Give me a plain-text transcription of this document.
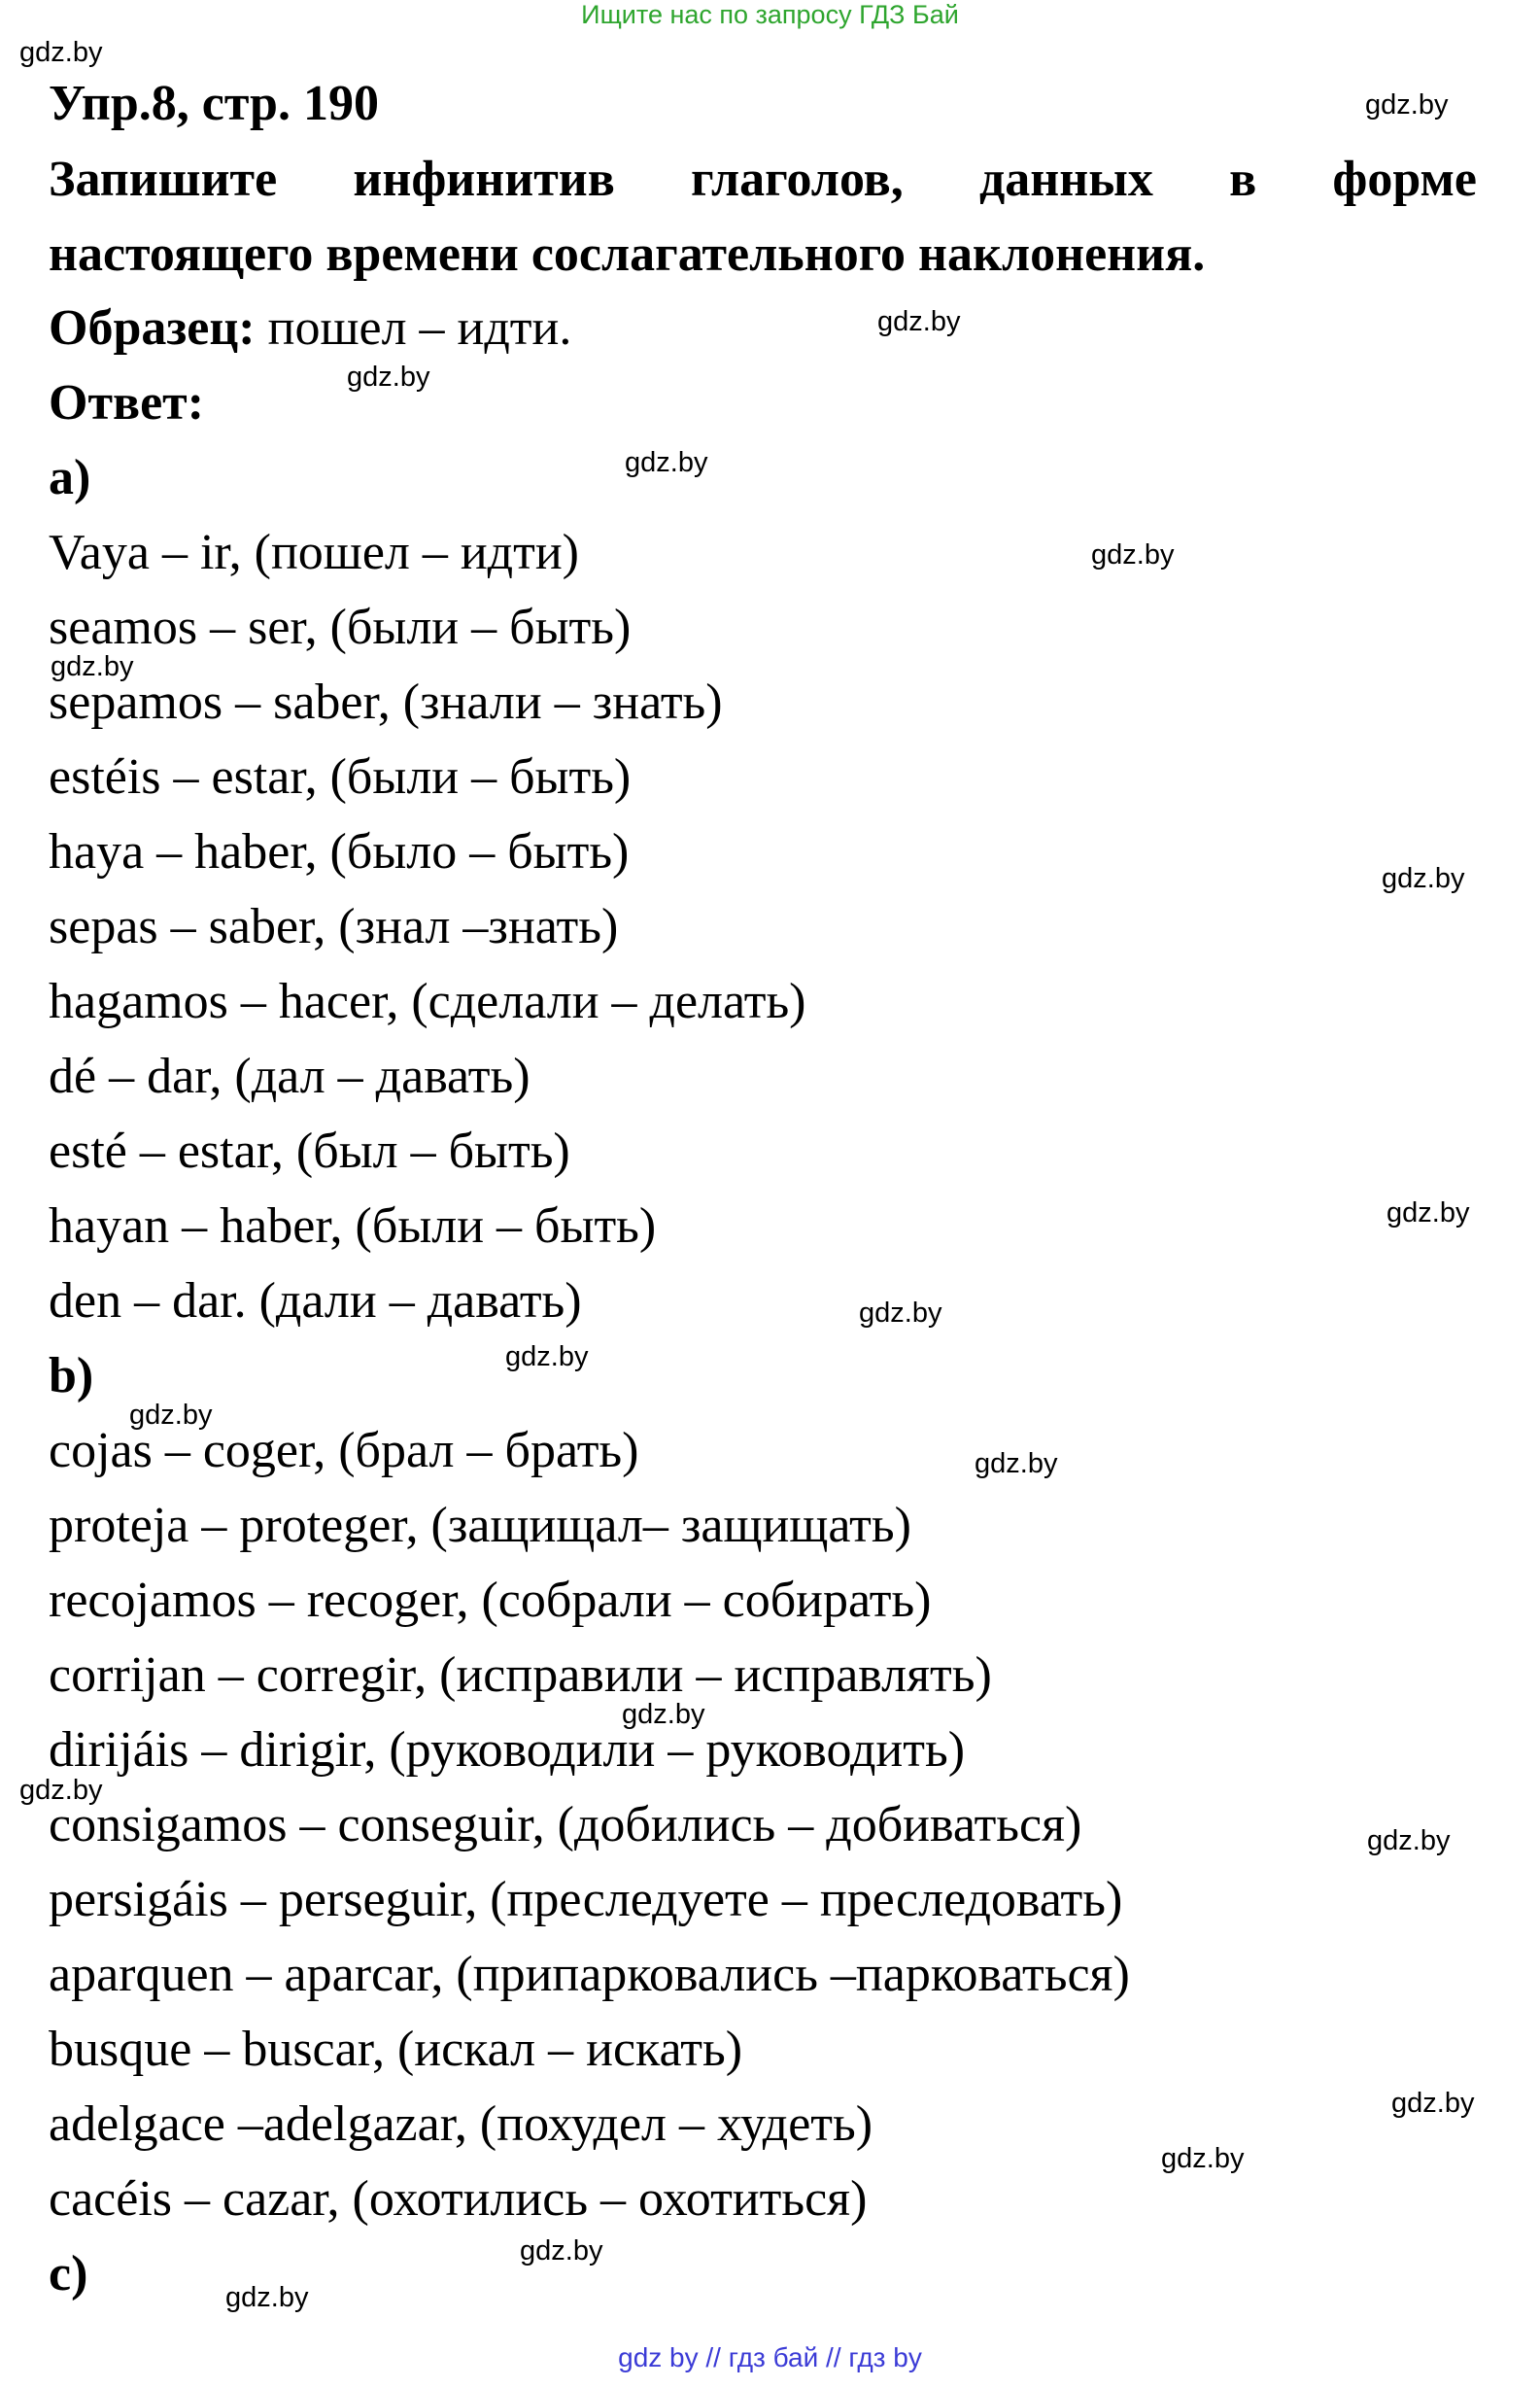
Ищите нас по запросу ГДЗ Бай
gdz.by
gdz.by
gdz.by
gdz.by
gdz.by
gdz.by
gdz.by
gdz.by
gdz.by
gdz.by
gdz.by
gdz.by
gdz.by
gdz.by
gdz.by
gdz.by
gdz.by
gdz.by
gdz.by
gdz.by
Упр.8, стр. 190
Запишите инфинитив глаголов, данных в форме
настоящего времени сослагательного наклонения.
Образец: пошел – идти.
Ответ:
а)
Vaya – ir, (пошел – идти)
seamos – ser, (были – быть)
sepamos – saber, (знали – знать)
estéis – estar, (были – быть)
haya – haber, (было – быть)
sepas – saber, (знал –знать)
hagamos – hacer, (сделали – делать)
dé – dar, (дал – давать)
esté – estar, (был – быть)
hayan – haber, (были – быть)
den – dar. (дали – давать)
b)
cojas – coger, (брал – брать)
proteja – proteger, (защищал– защищать)
recojamos – recoger, (собрали – собирать)
corrijan – corregir, (исправили – исправлять)
dirijáis – dirigir, (руководили – руководить)
consigamos – conseguir, (добились – добиваться)
persigáis – perseguir, (преследуете – преследовать)
aparquen – aparcar, (припарковались –парковаться)
busque – buscar, (искал – искать)
adelgace –adelgazar, (похудел – худеть)
cacéis – cazar, (охотились – охотиться)
c)
gdz by // гдз бай // гдз by
